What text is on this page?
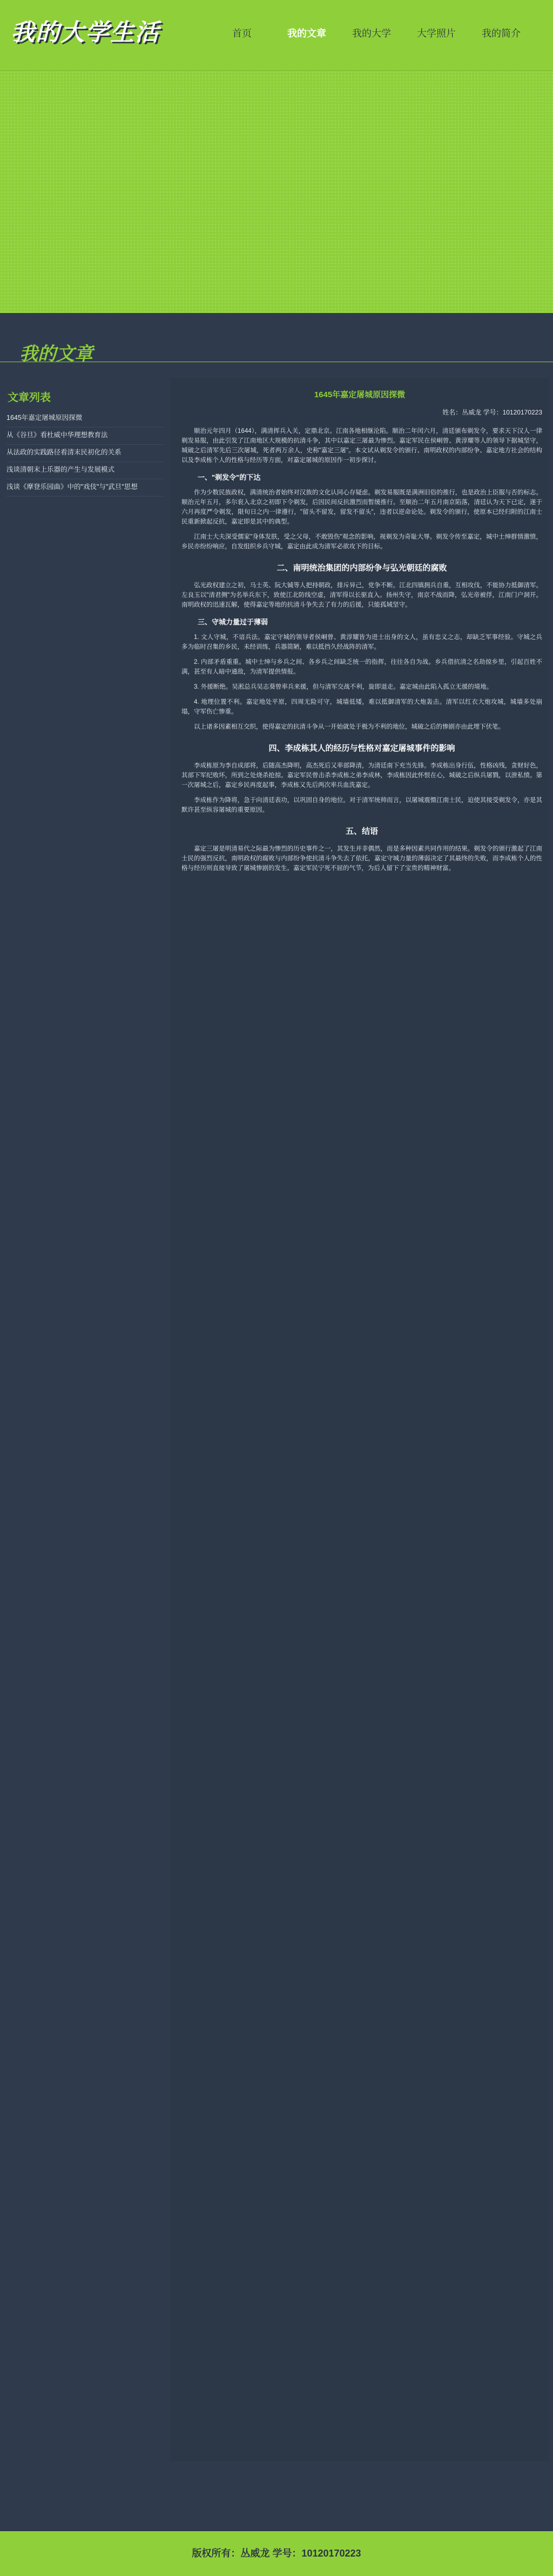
我的大学生活	首页	我的文章	我的大学	大学照片	我的简介
我的文章
文章列表
1645年嘉定屠城原因探微
从《谷旦》看杜威中华理想教育法
从法政的实践路径看清末民初化的关系
浅谈清朝末上乐器的产生与发展模式
浅谈《摩登乐园曲》中的"戏伎"与"武旦"思想
1645年嘉定屠城原因探微
姓名：丛威龙 学号：10120170223

顺治元年四月（1644），满清挥兵入关，定鼎北京。江南各地相继沦陷。顺治二年闰六月，清廷颁布剃发令，要求天下汉人一律剃发易服，由此引发了江南地区大规模的抗清斗争，其中以嘉定三屠最为惨烈。嘉定军民在侯峒曾、黄淳耀等人的领导下据城坚守，城破之后清军先后三次屠城，死者两万余人，史称"嘉定三屠"。本文试从剃发令的颁行、南明政权的内部纷争、嘉定地方社会的结构以及李成栋个人的性格与经历等方面，对嘉定屠城的原因作一初步探讨。

一、"剃发令"的下达

作为少数民族政权，满清统治者始终对汉族的文化认同心存疑虑。剃发易服既是满洲旧俗的推行，也是政治上臣服与否的标志。顺治元年五月，多尔衮入北京之初即下令剃发，后因民间反抗激烈而暂缓推行。至顺治二年五月南京陷落，清廷认为天下已定，遂于六月再度严令剃发，限旬日之内一律遵行，"留头不留发，留发不留头"，违者以逆命论处。剃发令的颁行，使原本已经归附的江南士民重新掀起反抗，嘉定即是其中的典型。

江南士大夫深受儒家"身体发肤，受之父母，不敢毁伤"观念的影响，视剃发为奇耻大辱。剃发令传至嘉定，城中士绅群情激愤，乡民亦纷纷响应，自发组织乡兵守城，嘉定由此成为清军必欲攻下的目标。

二、南明统治集团的内部纷争与弘光朝廷的腐败

弘光政权建立之初，马士英、阮大铖等人把持朝政，排斥异己，党争不断。江北四镇拥兵自重，互相攻伐，不能协力抵御清军。左良玉以"清君侧"为名举兵东下，致使江北防线空虚，清军得以长驱直入。扬州失守，南京不战而降，弘光帝被俘，江南门户洞开。南明政权的迅速瓦解，使得嘉定等地的抗清斗争失去了有力的后援，只能孤城坚守。

三、守城力量过于薄弱

1. 文人守城，不谙兵法。嘉定守城的领导者侯峒曾、黄淳耀皆为进士出身的文人，虽有忠义之志，却缺乏军事经验。守城之兵多为临时召集的乡民，未经训练，兵器简陋，难以抵挡久经战阵的清军。

2. 内部矛盾重重。城中士绅与乡兵之间、各乡兵之间缺乏统一的指挥，往往各自为战。乡兵借抗清之名劫掠乡里，引起百姓不满，甚至有人暗中通敌，为清军提供情报。

3. 外援断绝。吴淞总兵吴志葵曾率兵来援，但与清军交战不利，旋即退走。嘉定城由此陷入孤立无援的境地。

4. 地理位置不利。嘉定地处平原，四周无险可守，城墙低矮，难以抵御清军的大炮轰击。清军以红衣大炮攻城，城墙多处崩塌，守军伤亡惨重。

以上诸多因素相互交织，使得嘉定的抗清斗争从一开始就处于极为不利的地位，城破之后的惨剧亦由此埋下伏笔。

四、李成栋其人的经历与性格对嘉定屠城事件的影响

李成栋原为李自成部将，后随高杰降明，高杰死后又率部降清，为清廷南下充当先锋。李成栋出身行伍，性格凶残，贪财好色，其部下军纪败坏，所到之处烧杀抢掠。嘉定军民曾击杀李成栋之弟李成林，李成栋因此怀恨在心，城破之后纵兵屠戮，以泄私愤。第一次屠城之后，嘉定乡民再度起事，李成栋又先后两次率兵血洗嘉定。

李成栋作为降将，急于向清廷表功，以巩固自身的地位。对于清军统帅而言，以屠城震慑江南士民，迫使其接受剃发令，亦是其默许甚至纵容屠城的重要原因。

五、结语

嘉定三屠是明清易代之际最为惨烈的历史事件之一，其发生并非偶然，而是多种因素共同作用的结果。剃发令的颁行激起了江南士民的强烈反抗，南明政权的腐败与内部纷争使抗清斗争失去了依托，嘉定守城力量的薄弱决定了其最终的失败，而李成栋个人的性格与经历则直接导致了屠城惨剧的发生。嘉定军民宁死不屈的气节，为后人留下了宝贵的精神财富。

版权所有：丛威龙 学号：10120170223
